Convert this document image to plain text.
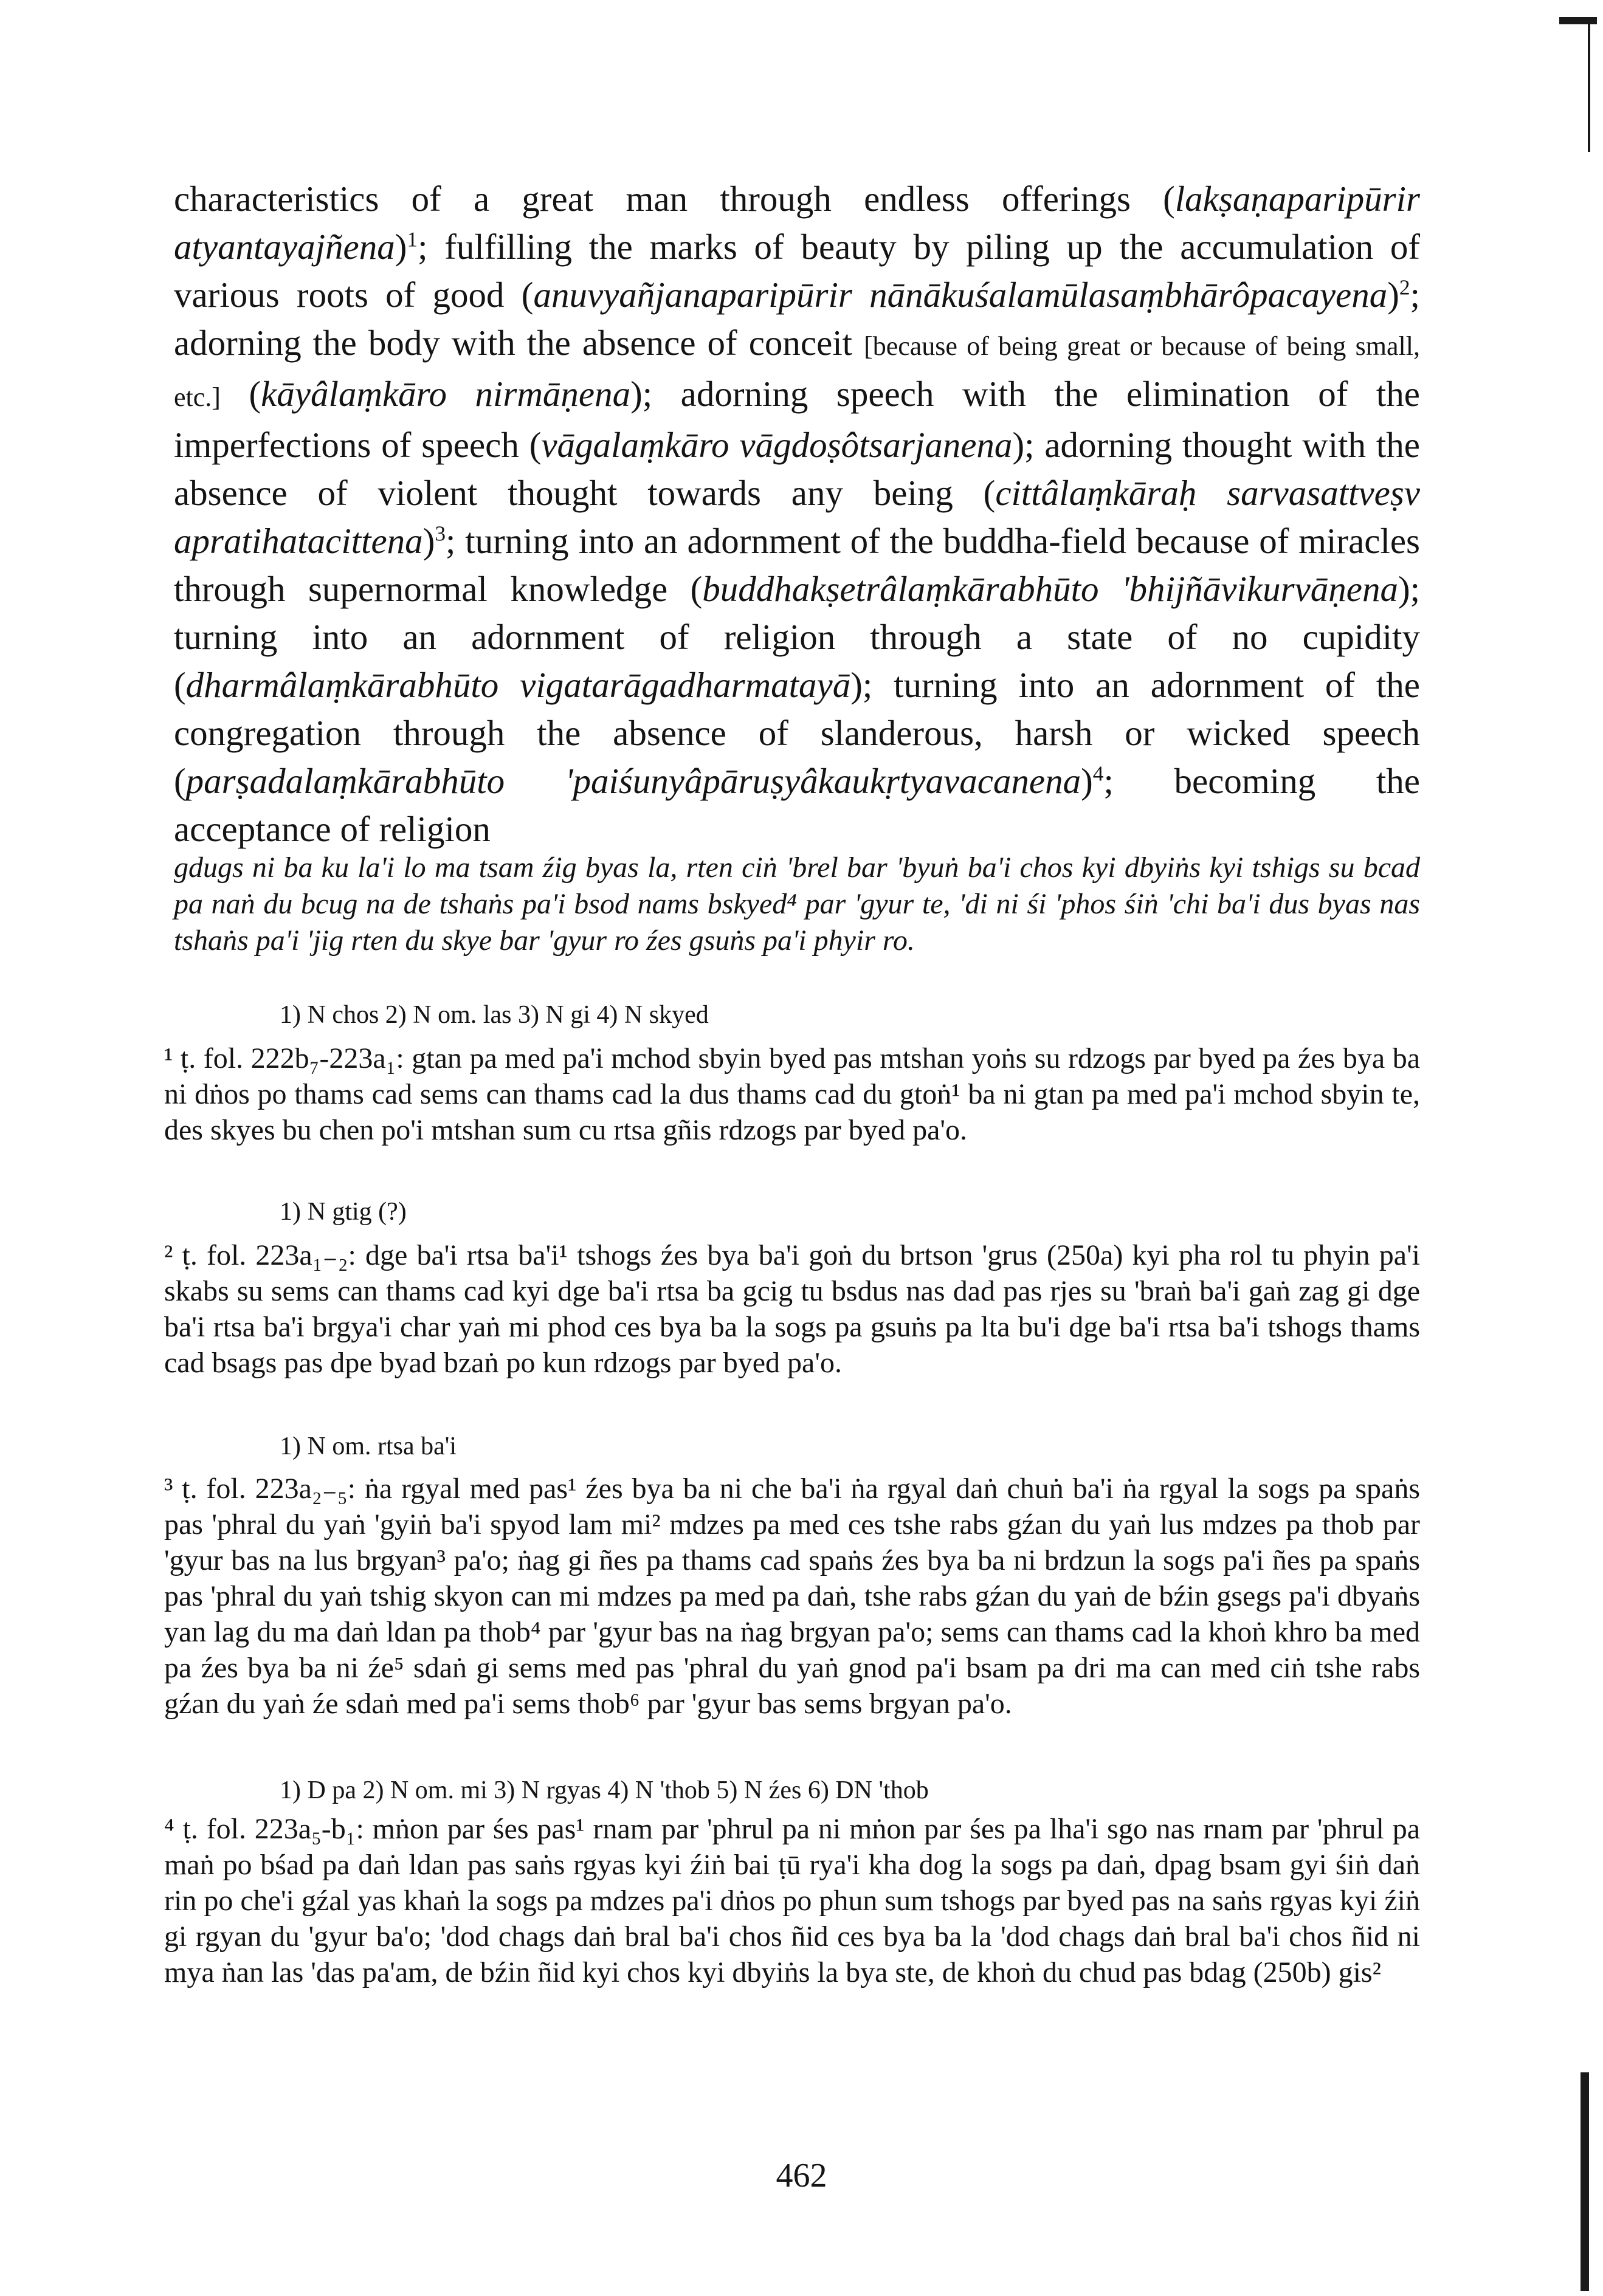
characteristics of a great man through endless offerings (lakṣaṇaparipūrir atyantayajñena)$^1$; fulfilling the marks of beauty by piling up the accumulation of various roots of good (anuvyañjanaparipūrir nānākuśalamūlasaṃbhārôpacayena)$^2$; adorning the body with the absence of conceit [because of being great or because of being small, etc.] (kāyâlaṃkāro nirmāṇena); adorning speech with the elimination of the imperfections of speech (vāgalaṃkāro vāgdoṣôtsarjanena); adorning thought with the absence of violent thought towards any being (cittâlaṃkāraḥ sarvasattveṣv apratihatacittena)$^3$; turning into an adornment of the buddha-field because of miracles through supernormal knowledge (buddhakṣetrâlaṃkārabhūto 'bhijñāvikurvāṇena); turning into an adornment of religion through a state of no cupidity (dharmâlaṃkārabhūto vigatarāgadharmatayā); turning into an adornment of the congregation through the absence of slanderous, harsh or wicked speech (parṣadalaṃkārabhūto 'paiśunyâpāruṣyâkaukṛtyavacanena)$^4$; becoming the acceptance of religion

gdugs ni ba ku la'i lo ma tsam źig byas la, rten ciṅ 'brel bar 'byuṅ ba'i chos kyi dbyiṅs kyi tshigs su bcad pa naṅ du bcug na de tshaṅs pa'i bsod nams bskyed⁴ par 'gyur te, 'di ni śi 'phos śiṅ 'chi ba'i dus byas nas tshaṅs pa'i 'jig rten du skye bar 'gyur ro źes gsuṅs pa'i phyir ro.
1) N chos 2) N om. las 3) N gi 4) N skyed
¹ ṭ. fol. 222b₇-223a₁: gtan pa med pa'i mchod sbyin byed pas mtshan yoṅs su rdzogs par byed pa źes bya ba ni dṅos po thams cad sems can thams cad la dus thams cad du gtoṅ¹ ba ni gtan pa med pa'i mchod sbyin te, des skyes bu chen po'i mtshan sum cu rtsa gñis rdzogs par byed pa'o.
1) N gtig (?)
² ṭ. fol. 223a₁₋₂: dge ba'i rtsa ba'i¹ tshogs źes bya ba'i goṅ du brtson 'grus (250a) kyi pha rol tu phyin pa'i skabs su sems can thams cad kyi dge ba'i rtsa ba gcig tu bsdus nas dad pas rjes su 'braṅ ba'i gaṅ zag gi dge ba'i rtsa ba'i brgya'i char yaṅ mi phod ces bya ba la sogs pa gsuṅs pa lta bu'i dge ba'i rtsa ba'i tshogs thams cad bsags pas dpe byad bzaṅ po kun rdzogs par byed pa'o.
1) N om. rtsa ba'i
³ ṭ. fol. 223a₂₋₅: ṅa rgyal med pas¹ źes bya ba ni che ba'i ṅa rgyal daṅ chuṅ ba'i ṅa rgyal la sogs pa spaṅs pas 'phral du yaṅ 'gyiṅ ba'i spyod lam mi² mdzes pa med ces tshe rabs gźan du yaṅ lus mdzes pa thob par 'gyur bas na lus brgyan³ pa'o; ṅag gi ñes pa thams cad spaṅs źes bya ba ni brdzun la sogs pa'i ñes pa spaṅs pas 'phral du yaṅ tshig skyon can mi mdzes pa med pa daṅ, tshe rabs gźan du yaṅ de bźin gsegs pa'i dbyaṅs yan lag du ma daṅ ldan pa thob⁴ par 'gyur bas na ṅag brgyan pa'o; sems can thams cad la khoṅ khro ba med pa źes bya ba ni źe⁵ sdaṅ gi sems med pas 'phral du yaṅ gnod pa'i bsam pa dri ma can med ciṅ tshe rabs gźan du yaṅ źe sdaṅ med pa'i sems thob⁶ par 'gyur bas sems brgyan pa'o.
⁴ ṭ. fol. 223a₅-b₁: mṅon par śes pas¹ rnam par 'phrul pa ni mṅon par śes pa lha'i sgo nas rnam par 'phrul pa maṅ po bśad pa daṅ ldan pas saṅs rgyas kyi źiṅ bai ṭū rya'i kha dog la sogs pa daṅ, dpag bsam gyi śiṅ daṅ rin po che'i gźal yas khaṅ la sogs pa mdzes pa'i dṅos po phun sum tshogs par byed pas na saṅs rgyas kyi źiṅ gi rgyan du 'gyur ba'o; 'dod chags daṅ bral ba'i chos ñid ces bya ba la 'dod chags daṅ bral ba'i chos ñid ni mya ṅan las 'das pa'am, de bźin ñid kyi chos kyi dbyiṅs la bya ste, de khoṅ du chud pas bdag (250b) gis²
462
1) D pa 2) N om. mi 3) N rgyas 4) N 'thob 5) N źes 6) DN 'thob
